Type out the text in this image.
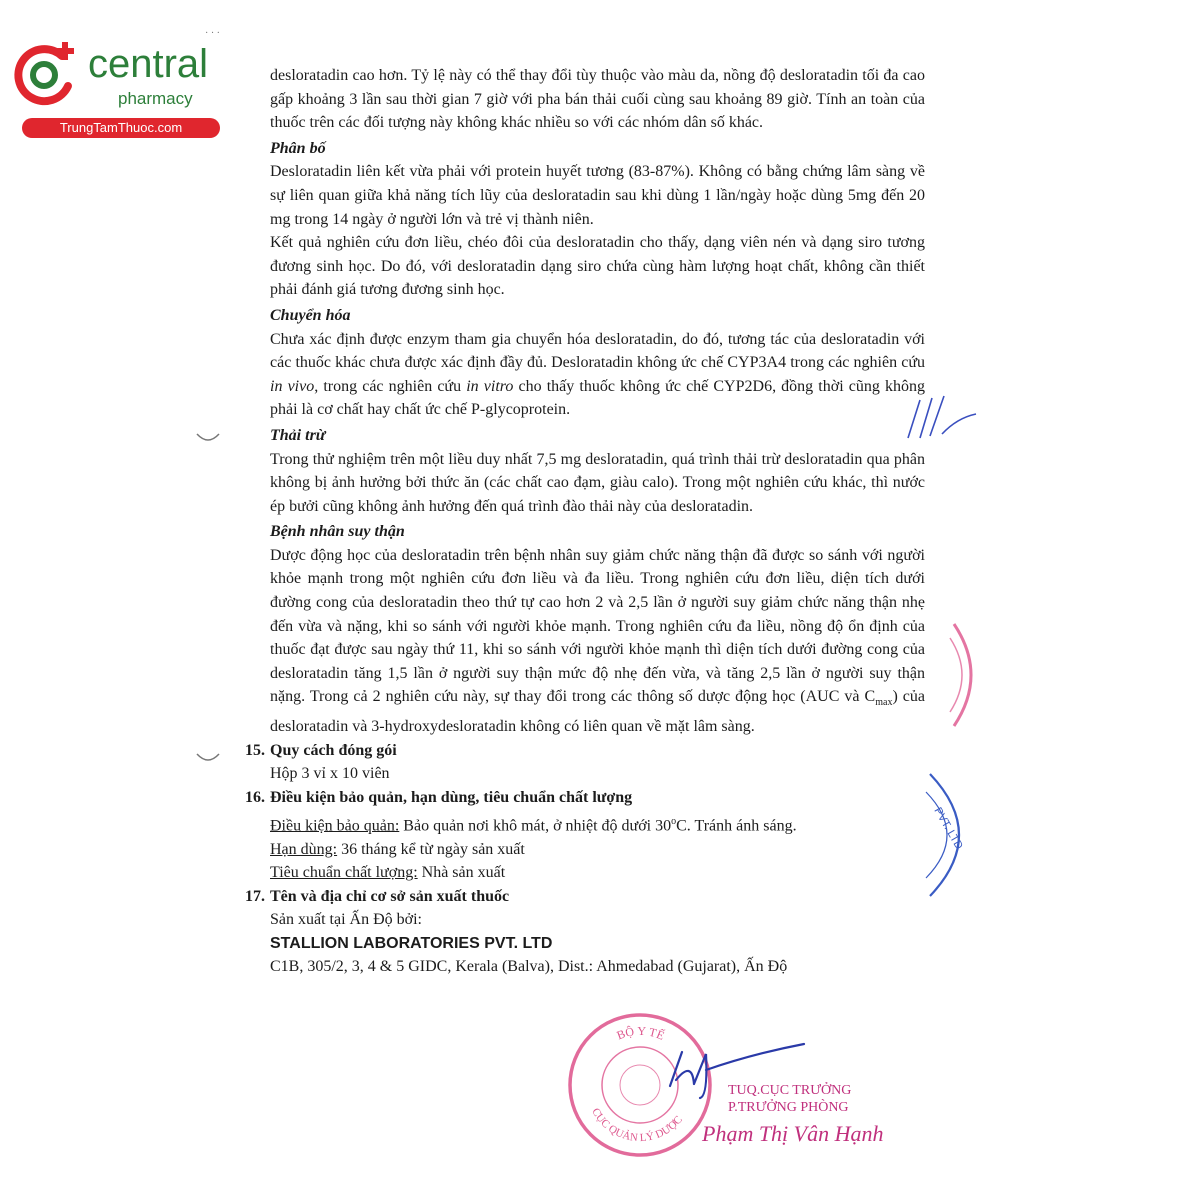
central
pharmacy
TrungTamThuoc.com
· · ·

desloratadin cao hơn. Tỷ lệ này có thể thay đổi tùy thuộc vào màu da, nồng độ desloratadin tối đa cao gấp khoảng 3 lần sau thời gian 7 giờ với pha bán thải cuối cùng sau khoảng 89 giờ. Tính an toàn của thuốc trên các đối tượng này không khác nhiều so với các nhóm dân số khác.

Phân bố

Desloratadin liên kết vừa phải với protein huyết tương (83-87%). Không có bằng chứng lâm sàng về sự liên quan giữa khả năng tích lũy của desloratadin sau khi dùng 1 lần/ngày hoặc dùng 5mg đến 20 mg trong 14 ngày ở người lớn và trẻ vị thành niên.

Kết quả nghiên cứu đơn liều, chéo đôi của desloratadin cho thấy, dạng viên nén và dạng siro tương đương sinh học. Do đó, với desloratadin dạng siro chứa cùng hàm lượng hoạt chất, không cần thiết phải đánh giá tương đương sinh học.

Chuyển hóa

Chưa xác định được enzym tham gia chuyển hóa desloratadin, do đó, tương tác của desloratadin với các thuốc khác chưa được xác định đầy đủ. Desloratadin không ức chế CYP3A4 trong các nghiên cứu in vivo, trong các nghiên cứu in vitro cho thấy thuốc không ức chế CYP2D6, đồng thời cũng không phải là cơ chất hay chất ức chế P-glycoprotein.

Thải trừ

Trong thử nghiệm trên một liều duy nhất 7,5 mg desloratadin, quá trình thải trừ desloratadin qua phân không bị ảnh hưởng bởi thức ăn (các chất cao đạm, giàu calo). Trong một nghiên cứu khác, thì nước ép bưởi cũng không ảnh hưởng đến quá trình đào thải này của desloratadin.

Bệnh nhân suy thận

Dược động học của desloratadin trên bệnh nhân suy giảm chức năng thận đã được so sánh với người khỏe mạnh trong một nghiên cứu đơn liều và đa liều. Trong nghiên cứu đơn liều, diện tích dưới đường cong của desloratadin theo thứ tự cao hơn 2 và 2,5 lần ở người suy giảm chức năng thận nhẹ đến vừa và nặng, khi so sánh với người khỏe mạnh. Trong nghiên cứu đa liều, nồng độ ổn định của thuốc đạt được sau ngày thứ 11, khi so sánh với người khỏe mạnh thì diện tích dưới đường cong của desloratadin tăng 1,5 lần ở người suy thận mức độ nhẹ đến vừa, và tăng 2,5 lần ở người suy thận nặng. Trong cả 2 nghiên cứu này, sự thay đổi trong các thông số dược động học (AUC và $C_{max}$) của desloratadin và 3-hydroxydesloratadin không có liên quan về mặt lâm sàng.

15. Quy cách đóng gói
Hộp 3 vỉ x 10 viên
16. Điều kiện bảo quản, hạn dùng, tiêu chuẩn chất lượng
Điều kiện bảo quản: Bảo quản nơi khô mát, ở nhiệt độ dưới 30$^o$C. Tránh ánh sáng.
Hạn dùng: 36 tháng kể từ ngày sản xuất
Tiêu chuẩn chất lượng: Nhà sản xuất
17. Tên và địa chỉ cơ sở sản xuất thuốc
Sản xuất tại Ấn Độ bởi:
STALLION LABORATORIES PVT. LTD
C1B, 305/2, 3, 4 & 5 GIDC, Kerala (Balva), Dist.: Ahmedabad (Gujarat), Ấn Độ
PVT. LTD
BỘ Y TẾ
CỤC QUẢN LÝ DƯỢC
TUQ.CỤC TRƯỞNG
P.TRƯỞNG PHÒNG
Phạm Thị Vân Hạnh
